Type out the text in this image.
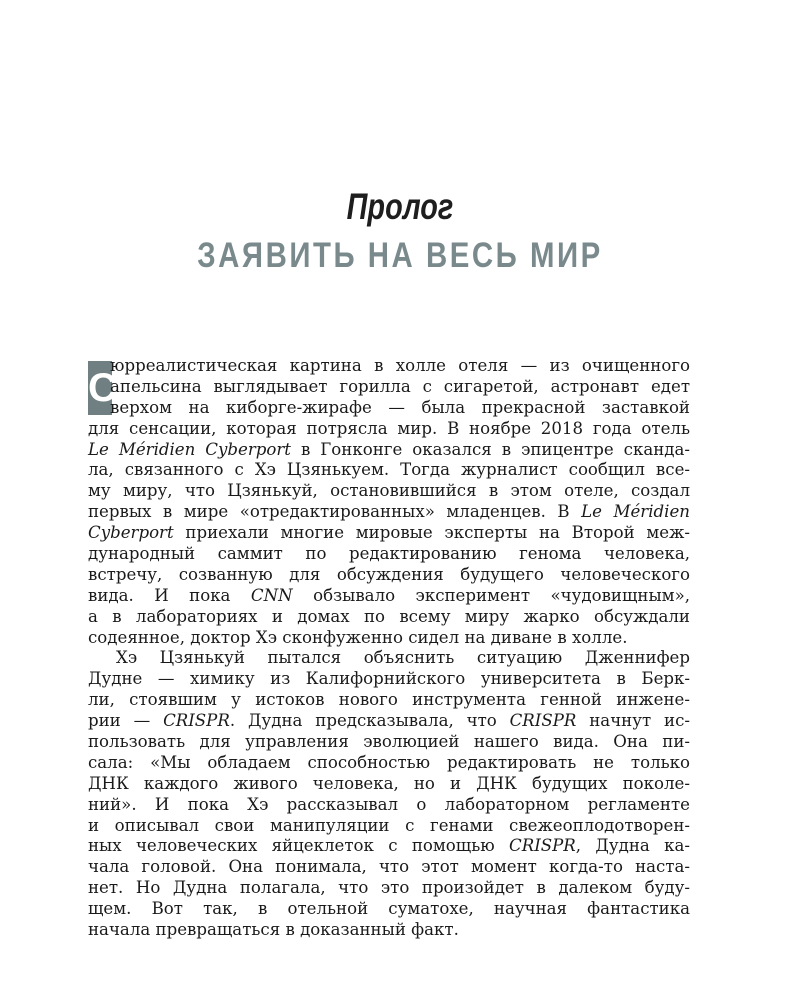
Пролог
ЗАЯВИТЬ НА ВЕСЬ МИР
С
юрреалистическая картина в холле отеля — из очищенного
апельсина выглядывает горилла с сигаретой, астронавт едет
верхом на киборге-жирафе — была прекрасной заставкой
для сенсации, которая потрясла мир. В ноябре 2018 года отель
Le Méridien Cyberport в Гонконге оказался в эпицентре сканда-
ла, связанного с Хэ Цзянькуем. Тогда журналист сообщил все-
му миру, что Цзянькуй, остановившийся в этом отеле, создал
первых в мире «отредактированных» младенцев. В Le Méridien
Cyberport приехали многие мировые эксперты на Второй меж-
дународный саммит по редактированию генома человека,
встречу, созванную для обсуждения будущего человеческого
вида. И пока CNN обзывало эксперимент «чудовищным»,
а в лабораториях и домах по всему миру жарко обсуждали
содеянное, доктор Хэ сконфуженно сидел на диване в холле.
Хэ Цзянькуй пытался объяснить ситуацию Дженнифер
Дудне — химику из Калифорнийского университета в Берк-
ли, стоявшим у истоков нового инструмента генной инжене-
рии — CRISPR. Дудна предсказывала, что CRISPR начнут ис-
пользовать для управления эволюцией нашего вида. Она пи-
сала: «Мы обладаем способностью редактировать не только
ДНК каждого живого человека, но и ДНК будущих поколе-
ний». И пока Хэ рассказывал о лабораторном регламенте
и описывал свои манипуляции с генами свежеоплодотворен-
ных человеческих яйцеклеток с помощью CRISPR, Дудна ка-
чала головой. Она понимала, что этот момент когда-то наста-
нет. Но Дудна полагала, что это произойдет в далеком буду-
щем. Вот так, в отельной суматохе, научная фантастика
начала превращаться в доказанный факт.
